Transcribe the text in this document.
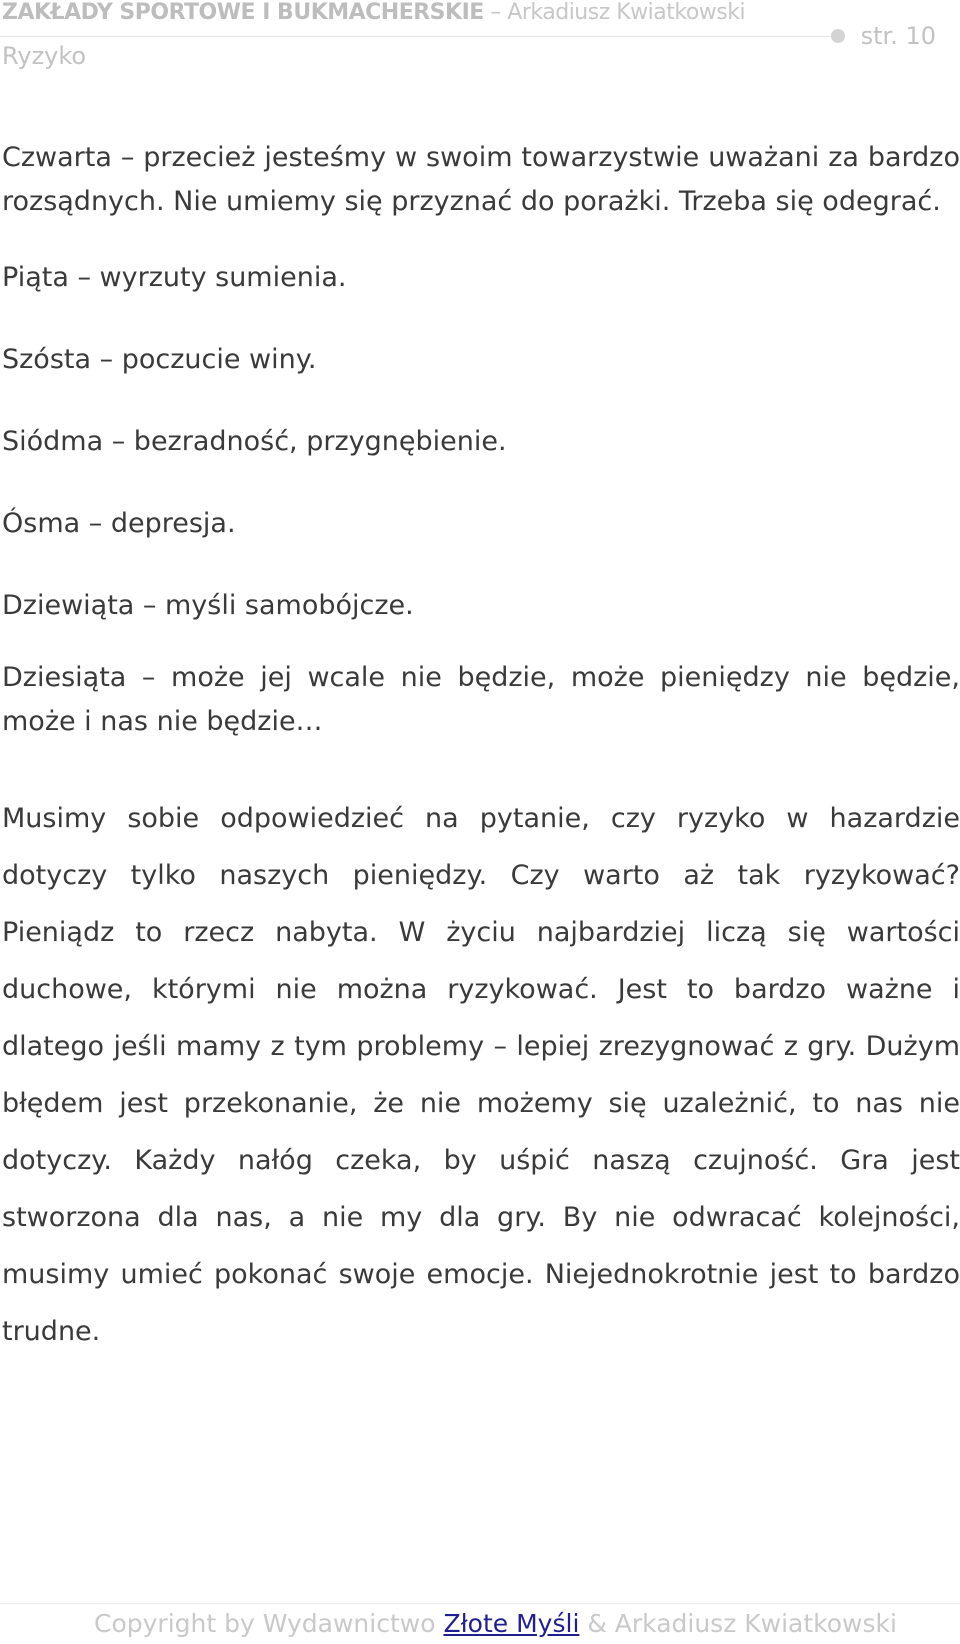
ZAKŁADY SPORTOWE I BUKMACHERSKIE – Arkadiusz Kwiatkowski
Ryzyko
str. 10

Czwarta – przecież jesteśmy w swoim towarzystwie uważani za bardzo rozsądnych. Nie umiemy się przyznać do porażki. Trzeba się odegrać.

Piąta – wyrzuty sumienia.

Szósta – poczucie winy.

Siódma – bezradność, przygnębienie.

Ósma – depresja.

Dziewiąta – myśli samobójcze.

Dziesiąta – może jej wcale nie będzie, może pieniędzy nie będzie, może i nas nie będzie…

Musimy sobie odpowiedzieć na pytanie, czy ryzyko w hazardzie dotyczy tylko naszych pieniędzy. Czy warto aż tak ryzykować? Pieniądz to rzecz nabyta. W życiu najbardziej liczą się wartości duchowe, którymi nie można ryzykować. Jest to bardzo ważne i dlatego jeśli mamy z tym problemy – lepiej zrezygnować z gry. Dużym błędem jest przekonanie, że nie możemy się uzależnić, to nas nie dotyczy. Każdy nałóg czeka, by uśpić naszą czujność. Gra jest stworzona dla nas, a nie my dla gry. By nie odwracać kolejności, musimy umieć pokonać swoje emocje. Niejednokrotnie jest to bardzo trudne.

Copyright by Wydawnictwo Złote Myśli & Arkadiusz Kwiatkowski
